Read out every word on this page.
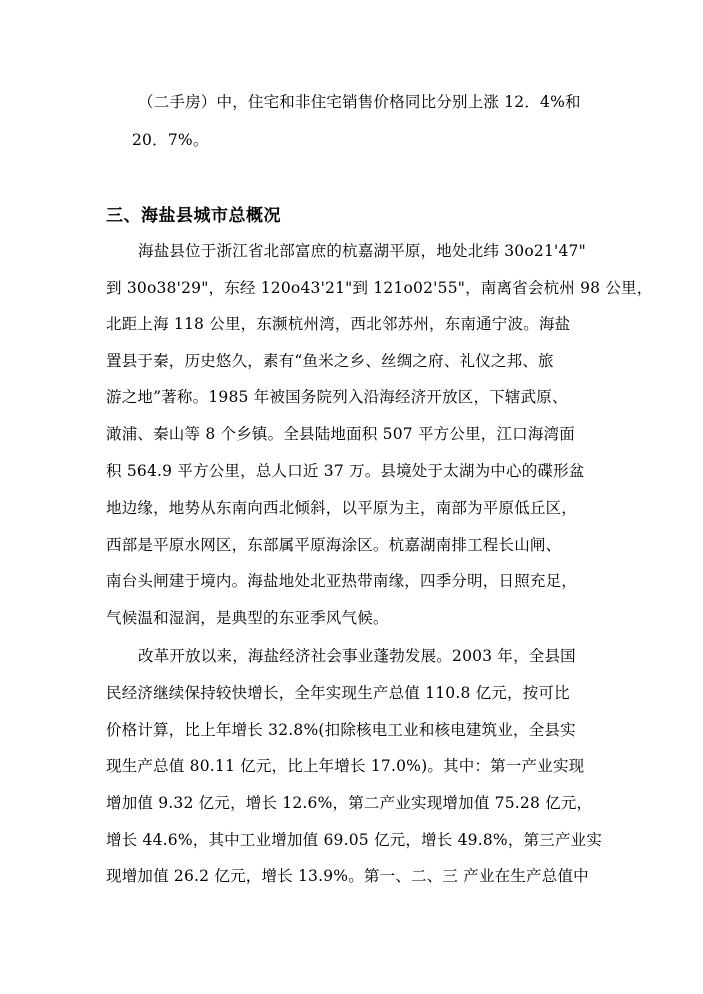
（二手房）中，住宅和非住宅销售价格同比分别上涨 12．4%和
20．7%。
三、海盐县城市总概况
海盐县位于浙江省北部富庶的杭嘉湖平原，地处北纬 30o21'47"
到 30o38'29"，东经 120o43'21"到 121o02'55"，南离省会杭州 98 公里，
北距上海 118 公里，东濒杭州湾，西北邻苏州，东南通宁波。海盐
置县于秦，历史悠久，素有“鱼米之乡、丝绸之府、礼仪之邦、旅
游之地”著称。1985 年被国务院列入沿海经济开放区，下辖武原、
澉浦、秦山等 8 个乡镇。全县陆地面积 507 平方公里，江口海湾面
积 564.9 平方公里，总人口近 37 万。县境处于太湖为中心的碟形盆
地边缘，地势从东南向西北倾斜，以平原为主，南部为平原低丘区，
西部是平原水网区，东部属平原海涂区。杭嘉湖南排工程长山闸、
南台头闸建于境内。海盐地处北亚热带南缘，四季分明，日照充足，
气候温和湿润，是典型的东亚季风气候。
改革开放以来，海盐经济社会事业蓬勃发展。2003 年，全县国
民经济继续保持较快增长，全年实现生产总值 110.8 亿元，按可比
价格计算，比上年增长 32.8%(扣除核电工业和核电建筑业，全县实
现生产总值 80.11 亿元，比上年增长 17.0%)。其中：第一产业实现
增加值 9.32 亿元，增长 12.6%，第二产业实现增加值 75.28 亿元，
增长 44.6%，其中工业增加值 69.05 亿元，增长 49.8%，第三产业实
现增加值 26.2 亿元，增长 13.9%。第一、二、三 产业在生产总值中
